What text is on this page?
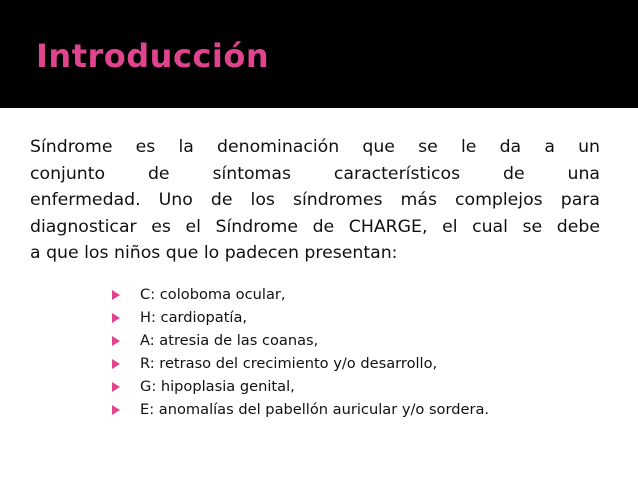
Introducción

Síndrome es la denominación que se le da a un
conjunto de síntomas característicos de una
enfermedad. Uno de los síndromes más complejos para
diagnosticar es el Síndrome de CHARGE, el cual se debe
a que los niños que lo padecen presentan:

C: coloboma ocular,
H: cardiopatía,
A: atresia de las coanas,
R: retraso del crecimiento y/o desarrollo,
G: hipoplasia genital,
E: anomalías del pabellón auricular y/o sordera.
